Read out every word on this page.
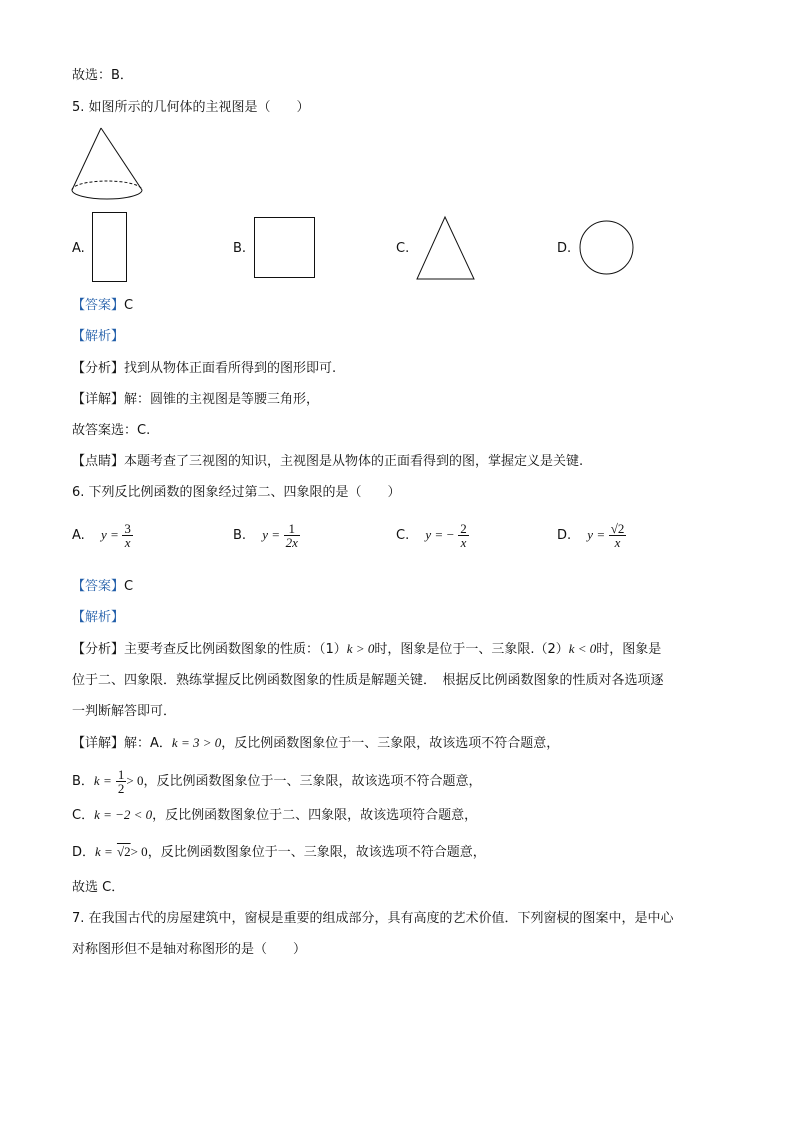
故选：B．
5. 如图所示的几何体的主视图是（　　）
A.	B.	C.	D.
【答案】C
【解析】
【分析】找到从物体正面看所得到的图形即可.
【详解】解：圆锥的主视图是等腰三角形，
故答案选：C.
【点睛】本题考查了三视图的知识，主视图是从物体的正面看得到的图，掌握定义是关键.
6. 下列反比例函数的图象经过第二、四象限的是（　　）
A. $y = \frac{3}{x}$	B. $y = \frac{1}{2x}$	C. y = − $\frac{2}{x}$	D. $y = \frac{√2}{x}$
【答案】C
【解析】
【分析】主要考查反比例函数图象的性质：（1）k > 0时，图象是位于一、三象限.（2）k < 0时，图象是
位于二、四象限．熟练掌握反比例函数图象的性质是解题关键．　根据反比例函数图象的性质对各选项逐
一判断解答即可．
【详解】解：A．k = 3 > 0，反比例函数图象位于一、三象限，故该选项不符合题意，
B．$k = \frac{1}{2} > 0$，反比例函数图象位于一、三象限，故该选项不符合题意，
C．k = −2 < 0，反比例函数图象位于二、四象限，故该选项符合题意，
D．k = √2> 0，反比例函数图象位于一、三象限，故该选项不符合题意，
故选 C．
7. 在我国古代的房屋建筑中，窗棂是重要的组成部分，具有高度的艺术价值．下列窗棂的图案中，是中心
对称图形但不是轴对称图形的是（　　）
